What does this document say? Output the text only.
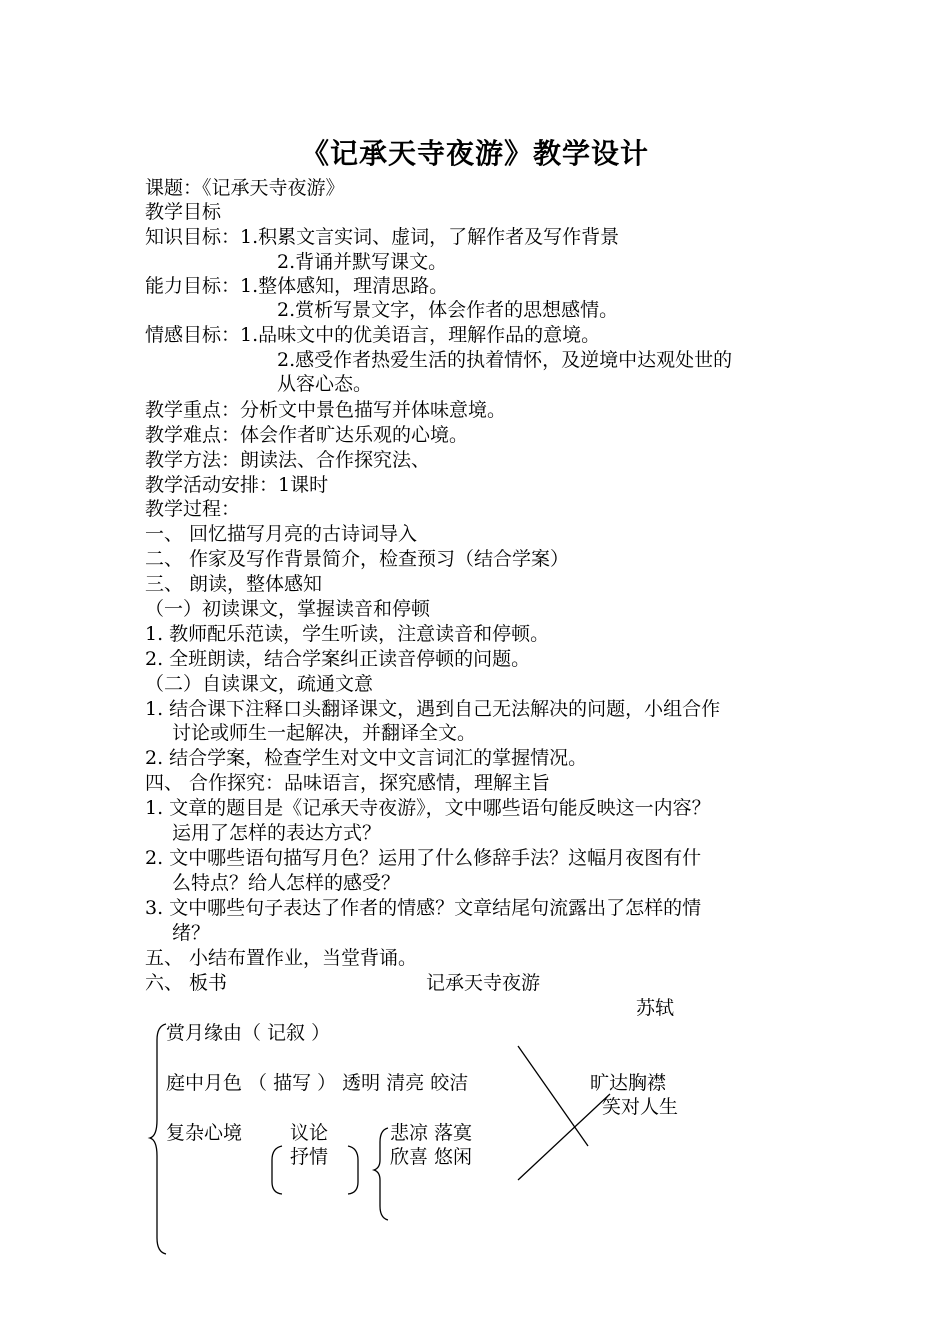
《记承天寺夜游》教学设计
课题：《记承天寺夜游》
教学目标
知识目标：1.积累文言实词、虚词，了解作者及写作背景
2.背诵并默写课文。
能力目标：1.整体感知，理清思路。
2.赏析写景文字，体会作者的思想感情。
情感目标：1.品味文中的优美语言，理解作品的意境。
2.感受作者热爱生活的执着情怀，及逆境中达观处世的
从容心态。
教学重点：分析文中景色描写并体味意境。
教学难点：体会作者旷达乐观的心境。
教学方法：朗读法、合作探究法、
教学活动安排：1课时
教学过程：
一、 回忆描写月亮的古诗词导入
二、 作家及写作背景简介，检查预习（结合学案）
三、 朗读，整体感知
（一）初读课文，掌握读音和停顿
1. 教师配乐范读，学生听读，注意读音和停顿。
2. 全班朗读，结合学案纠正读音停顿的问题。
（二）自读课文，疏通文意
1. 结合课下注释口头翻译课文，遇到自己无法解决的问题，小组合作
讨论或师生一起解决，并翻译全文。
2. 结合学案，检查学生对文中文言词汇的掌握情况。
四、 合作探究：品味语言，探究感情，理解主旨
1. 文章的题目是《记承天寺夜游》，文中哪些语句能反映这一内容？
运用了怎样的表达方式？
2. 文中哪些语句描写月色？运用了什么修辞手法？这幅月夜图有什
么特点？给人怎样的感受？
3. 文中哪些句子表达了作者的情感？文章结尾句流露出了怎样的情
绪？
五、 小结布置作业，当堂背诵。
六、 板书	记承天寺夜游
苏轼
赏月缘由（ 记叙 ）
庭中月色 （ 描写 ） 透明 清亮 皎洁
复杂心境	议论
抒情
悲凉 落寞
欣喜 悠闲
旷达胸襟
笑对人生
